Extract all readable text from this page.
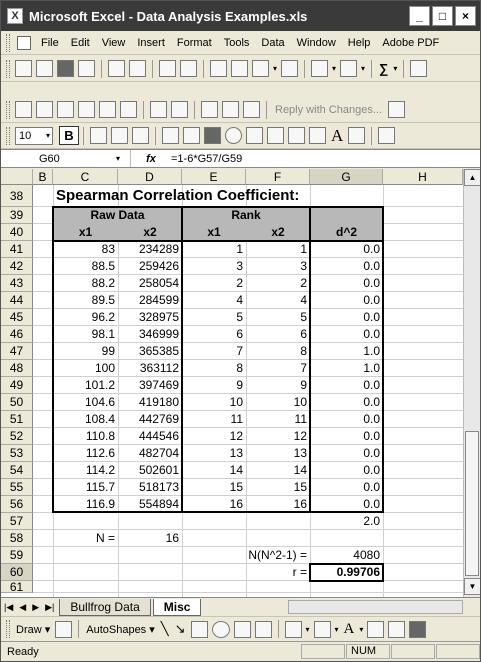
X Microsoft Excel - Data Analysis Examples.xls	_	□	×
File	Edit	View	Insert	Format	Tools	Data	Window	Help	Adobe PDF
▾	▾	▾ ∑ ▾
Reply with Changes...
10 ▾	B	A
G60	▾	fx	=1-6*G57/G59
B	C	D	E	F	G	H
38
39
40
41
42
43
44
45
46
47
48
49
50
51
52
53
54
55
56
57
58
59
60
61
Spearman Correlation Coefficient:
Raw Data	Rank
x1	x2	x1	x2	d^2
83	234289	1	1	0.0
88.5	259426	3	3	0.0
88.2	258054	2	2	0.0
89.5	284599	4	4	0.0
96.2	328975	5	5	0.0
98.1	346999	6	6	0.0
99	365385	7	8	1.0
100	363112	8	7	1.0
101.2	397469	9	9	0.0
104.6	419180	10	10	0.0
108.4	442769	11	11	0.0
110.8	444546	12	12	0.0
112.6	482704	13	13	0.0
114.2	502601	14	14	0.0
115.7	518173	15	15	0.0
116.9	554894	16	16	0.0
2.0
N =	16
N(N^2-1) =	4080
r =	0.99706
▲
▼
|◀ ◀ ▶ ▶|	Bullfrog Data	Misc
Draw ▾	AutoShapes ▾ ╲ ↘	▾	▾ A ▾
Ready	NUM
